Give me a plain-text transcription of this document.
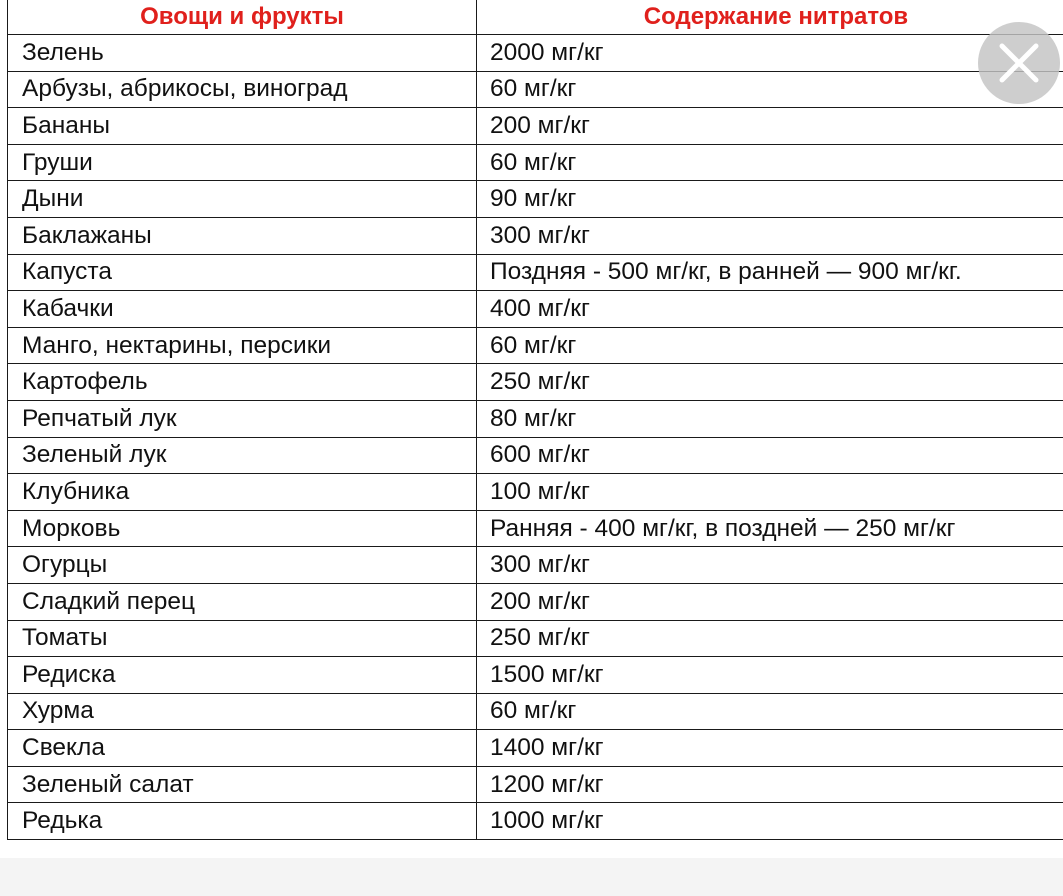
Овощи и фрукты	Содержание нитратов
Зелень	2000 мг/кг
Арбузы, абрикосы, виноград	60 мг/кг
Бананы	200 мг/кг
Груши	60 мг/кг
Дыни	90 мг/кг
Баклажаны	300 мг/кг
Капуста	Поздняя - 500 мг/кг, в ранней — 900 мг/кг.
Кабачки	400 мг/кг
Манго, нектарины, персики	60 мг/кг
Картофель	250 мг/кг
Репчатый лук	80 мг/кг
Зеленый лук	600 мг/кг
Клубника	100 мг/кг
Морковь	Ранняя - 400 мг/кг, в поздней — 250 мг/кг
Огурцы	300 мг/кг
Сладкий перец	200 мг/кг
Томаты	250 мг/кг
Редиска	1500 мг/кг
Хурма	60 мг/кг
Свекла	1400 мг/кг
Зеленый салат	1200 мг/кг
Редька	1000 мг/кг
